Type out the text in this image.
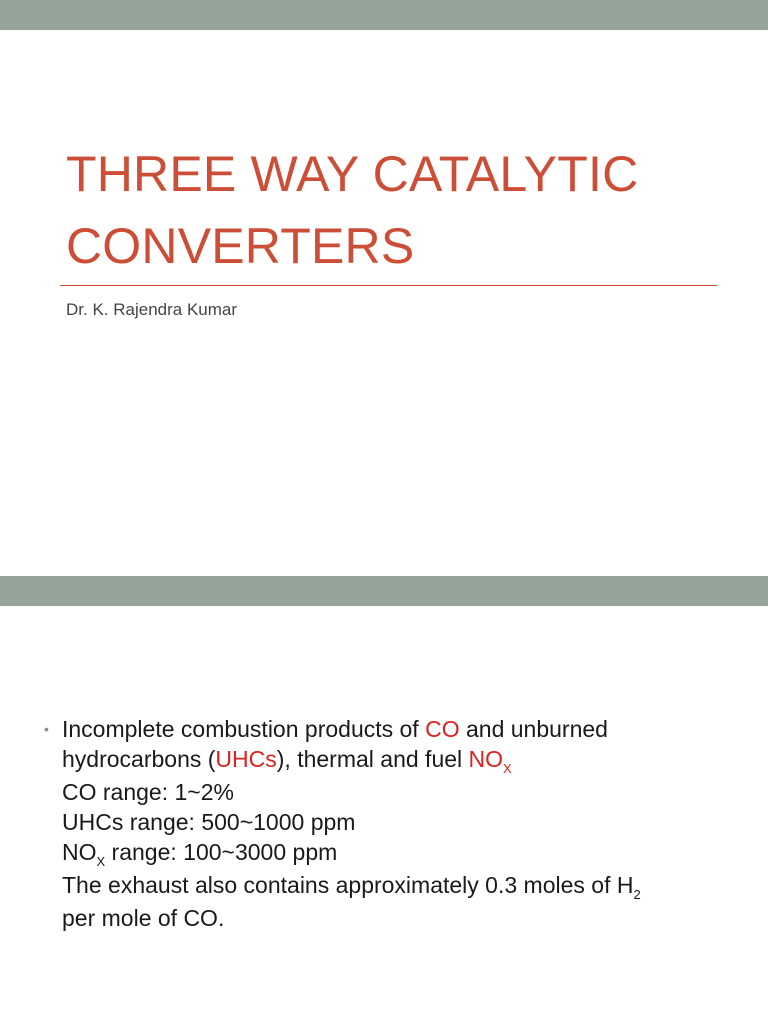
THREE WAY CATALYTIC
CONVERTERS
Dr. K. Rajendra Kumar
• Incomplete combustion products of CO and unburned
hydrocarbons (UHCs), thermal and fuel $NO_X$
CO range: 1~2%
UHCs range: 500~1000 ppm
$NO_X$ range: 100~3000 ppm
The exhaust also contains approximately 0.3 moles of $H_2$
per mole of CO.
